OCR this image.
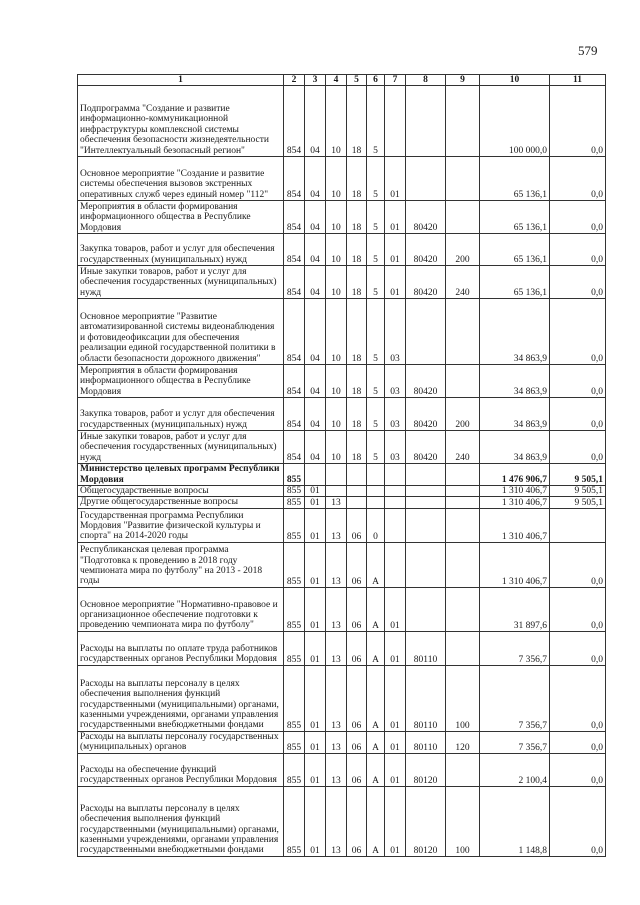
579
1	2	3	4	5	6	7	8	9	10	11
Подпрограмма "Создание и развитие информационно-коммуникационной инфраструктуры комплексной системы обеспечения безопасности жизнедеятельности "Интеллектуальный безопасный регион"	854	04	10	18	5				100 000,0	0,0
Основное мероприятие "Создание и развитие системы обеспечения вызовов экстренных оперативных служб через единый номер "112"	854	04	10	18	5	01			65 136,1	0,0
Мероприятия в области формирования информационного общества в Республике Мордовия	854	04	10	18	5	01	80420		65 136,1	0,0
Закупка товаров, работ и услуг для обеспечения государственных (муниципальных) нужд	854	04	10	18	5	01	80420	200	65 136,1	0,0
Иные закупки товаров, работ и услуг для обеспечения государственных (муниципальных) нужд	854	04	10	18	5	01	80420	240	65 136,1	0,0
Основное мероприятие "Развитие автоматизированной системы видеонаблюдения и фотовидеофиксации для обеспечения реализации единой государственной политики в области безопасности дорожного движения"	854	04	10	18	5	03			34 863,9	0,0
Мероприятия в области формирования информационного общества в Республике Мордовия	854	04	10	18	5	03	80420		34 863,9	0,0
Закупка товаров, работ и услуг для обеспечения государственных (муниципальных) нужд	854	04	10	18	5	03	80420	200	34 863,9	0,0
Иные закупки товаров, работ и услуг для обеспечения государственных (муниципальных) нужд	854	04	10	18	5	03	80420	240	34 863,9	0,0
Министерство целевых программ Республики Мордовия	855								1 476 906,7	9 505,1
Общегосударственные вопросы	855	01							1 310 406,7	9 505,1
Другие общегосударственные вопросы	855	01	13						1 310 406,7	9 505,1
Государственная программа Республики Мордовия "Развитие физической культуры и спорта" на 2014-2020 годы	855	01	13	06	0				1 310 406,7	
Республиканская целевая программа "Подготовка к проведению в 2018 году чемпионата мира по футболу" на 2013 - 2018 годы	855	01	13	06	А				1 310 406,7	0,0
Основное мероприятие "Нормативно-правовое и организационное обеспечение подготовки к проведению чемпионата мира по футболу"	855	01	13	06	А	01			31 897,6	0,0
Расходы на выплаты по оплате труда работников государственных органов Республики Мордовия	855	01	13	06	А	01	80110		7 356,7	0,0
Расходы на выплаты персоналу в целях обеспечения выполнения функций государственными (муниципальными) органами, казенными учреждениями, органами управления государственными внебюджетными фондами	855	01	13	06	А	01	80110	100	7 356,7	0,0
Расходы на выплаты персоналу государственных (муниципальных) органов	855	01	13	06	А	01	80110	120	7 356,7	0,0
Расходы на обеспечение функций государственных органов Республики Мордовия	855	01	13	06	А	01	80120		2 100,4	0,0
Расходы на выплаты персоналу в целях обеспечения выполнения функций государственными (муниципальными) органами, казенными учреждениями, органами управления государственными внебюджетными фондами	855	01	13	06	А	01	80120	100	1 148,8	0,0
